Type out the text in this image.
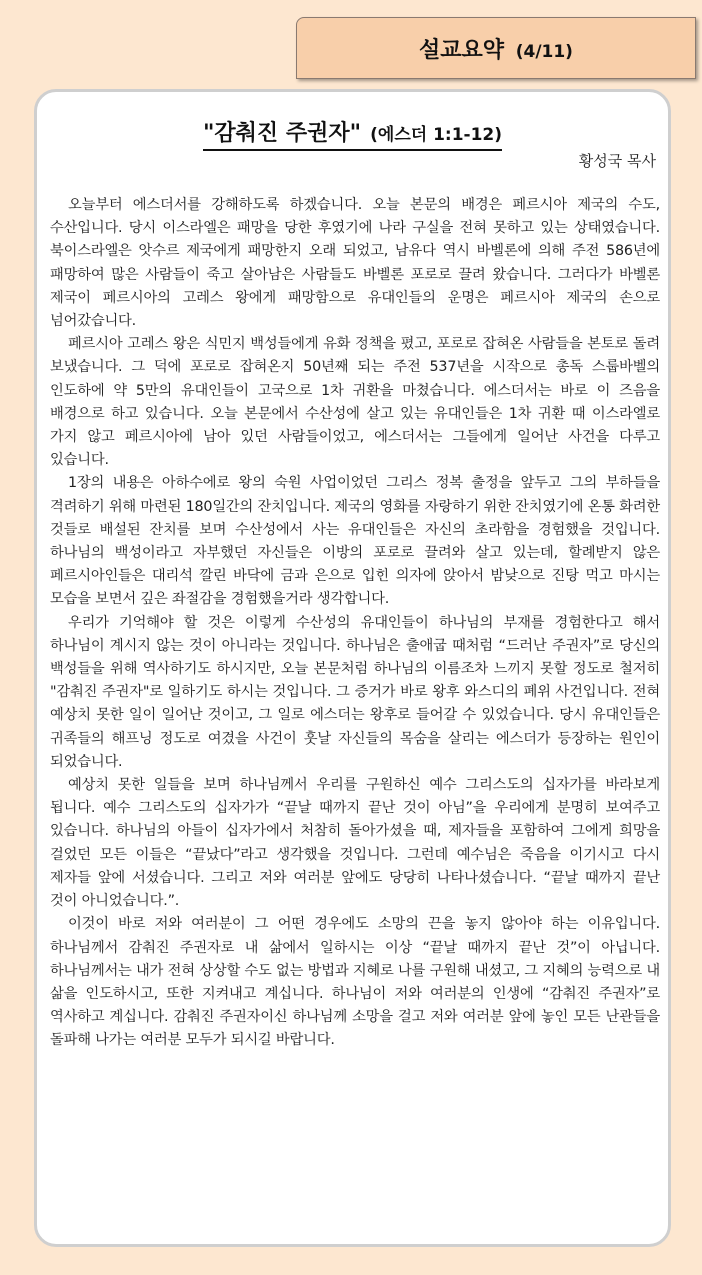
설교요약 (4/11)
"감춰진 주권자" (에스더 1:1-12)
황성국 목사

오늘부터 에스더서를 강해하도록 하겠습니다. 오늘 본문의 배경은 페르시아 제국의 수도, 수산입니다. 당시 이스라엘은 패망을 당한 후였기에 나라 구실을 전혀 못하고 있는 상태였습니다. 북이스라엘은 앗수르 제국에게 패망한지 오래 되었고, 남유다 역시 바벨론에 의해 주전 586년에 패망하여 많은 사람들이 죽고 살아남은 사람들도 바벨론 포로로 끌려 왔습니다. 그러다가 바벨론 제국이 페르시아의 고레스 왕에게 패망함으로 유대인들의 운명은 페르시아 제국의 손으로 넘어갔습니다.

페르시아 고레스 왕은 식민지 백성들에게 유화 정책을 폈고, 포로로 잡혀온 사람들을 본토로 돌려 보냈습니다. 그 덕에 포로로 잡혀온지 50년째 되는 주전 537년을 시작으로 총독 스룹바벨의 인도하에 약 5만의 유대인들이 고국으로 1차 귀환을 마쳤습니다. 에스더서는 바로 이 즈음을 배경으로 하고 있습니다. 오늘 본문에서 수산성에 살고 있는 유대인들은 1차 귀환 때 이스라엘로 가지 않고 페르시아에 남아 있던 사람들이었고, 에스더서는 그들에게 일어난 사건을 다루고 있습니다.

1장의 내용은 아하수에로 왕의 숙원 사업이었던 그리스 정복 출정을 앞두고 그의 부하들을 격려하기 위해 마련된 180일간의 잔치입니다. 제국의 영화를 자랑하기 위한 잔치였기에 온통 화려한 것들로 배설된 잔치를 보며 수산성에서 사는 유대인들은 자신의 초라함을 경험했을 것입니다. 하나님의 백성이라고 자부했던 자신들은 이방의 포로로 끌려와 살고 있는데, 할례받지 않은 페르시아인들은 대리석 깔린 바닥에 금과 은으로 입힌 의자에 앉아서 밤낮으로 진탕 먹고 마시는 모습을 보면서 깊은 좌절감을 경험했을거라 생각합니다.

우리가 기억해야 할 것은 이렇게 수산성의 유대인들이 하나님의 부재를 경험한다고 해서 하나님이 계시지 않는 것이 아니라는 것입니다. 하나님은 출애굽 때처럼 “드러난 주권자”로 당신의 백성들을 위해 역사하기도 하시지만, 오늘 본문처럼 하나님의 이름조차 느끼지 못할 정도로 철저히 "감춰진 주권자"로 일하기도 하시는 것입니다. 그 증거가 바로 왕후 와스디의 폐위 사건입니다. 전혀 예상치 못한 일이 일어난 것이고, 그 일로 에스더는 왕후로 들어갈 수 있었습니다. 당시 유대인들은 귀족들의 해프닝 정도로 여겼을 사건이 훗날 자신들의 목숨을 살리는 에스더가 등장하는 원인이 되었습니다.

예상치 못한 일들을 보며 하나님께서 우리를 구원하신 예수 그리스도의 십자가를 바라보게 됩니다. 예수 그리스도의 십자가가 “끝날 때까지 끝난 것이 아님”을 우리에게 분명히 보여주고 있습니다. 하나님의 아들이 십자가에서 처참히 돌아가셨을 때, 제자들을 포함하여 그에게 희망을 걸었던 모든 이들은 “끝났다”라고 생각했을 것입니다. 그런데 예수님은 죽음을 이기시고 다시 제자들 앞에 서셨습니다. 그리고 저와 여러분 앞에도 당당히 나타나셨습니다. “끝날 때까지 끝난 것이 아니었습니다.”.

이것이 바로 저와 여러분이 그 어떤 경우에도 소망의 끈을 놓지 않아야 하는 이유입니다. 하나님께서 감춰진 주권자로 내 삶에서 일하시는 이상 “끝날 때까지 끝난 것”이 아닙니다. 하나님께서는 내가 전혀 상상할 수도 없는 방법과 지혜로 나를 구원해 내셨고, 그 지혜의 능력으로 내 삶을 인도하시고, 또한 지켜내고 계십니다. 하나님이 저와 여러분의 인생에 “감춰진 주권자”로 역사하고 계십니다. 감춰진 주권자이신 하나님께 소망을 걸고 저와 여러분 앞에 놓인 모든 난관들을 돌파해 나가는 여러분 모두가 되시길 바랍니다.
